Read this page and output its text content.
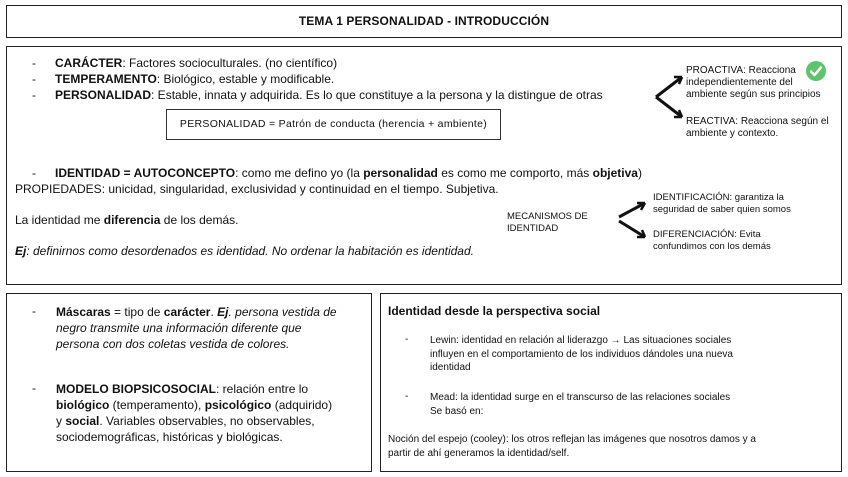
TEMA 1 PERSONALIDAD - INTRODUCCIÓN
- CARÁCTER: Factores socioculturales. (no científico)
- TEMPERAMENTO: Biológico, estable y modificable.
- PERSONALIDAD: Estable, innata y adquirida. Es lo que constituye a la persona y la distingue de otras
PERSONALIDAD = Patrón de conducta (herencia + ambiente)
PROACTIVA: Reacciona
independientemente del
ambiente según sus principios
REACTIVA: Reacciona según el
ambiente y contexto.
- IDENTIDAD = AUTOCONCEPTO: como me defino yo (la personalidad es como me comporto, más objetiva)
PROPIEDADES: unicidad, singularidad, exclusividad y continuidad en el tiempo. Subjetiva.
La identidad me diferencia de los demás.
Ej: definirnos como desordenados es identidad. No ordenar la habitación es identidad.
MECANISMOS DE
IDENTIDAD
IDENTIFICACIÓN: garantiza la
seguridad de saber quien somos
DIFERENCIACIÓN: Evita
confundimos con los demás
- Máscaras = tipo de carácter. Ej. persona vestida de
negro transmite una información diferente que
persona con dos coletas vestida de colores.
- MODELO BIOPSICOSOCIAL: relación entre lo
biológico (temperamento), psicológico (adquirido)
y social. Variables observables, no observables,
sociodemográficas, históricas y biológicas.
Identidad desde la perspectiva social
- Lewin: identidad en relación al liderazgo → Las situaciones sociales
influyen en el comportamiento de los individuos dándoles una nueva
identidad
- Mead: la identidad surge en el transcurso de las relaciones sociales
Se basó en:
Noción del espejo (cooley): los otros reflejan las imágenes que nosotros damos y a
partir de ahí generamos la identidad/self.
